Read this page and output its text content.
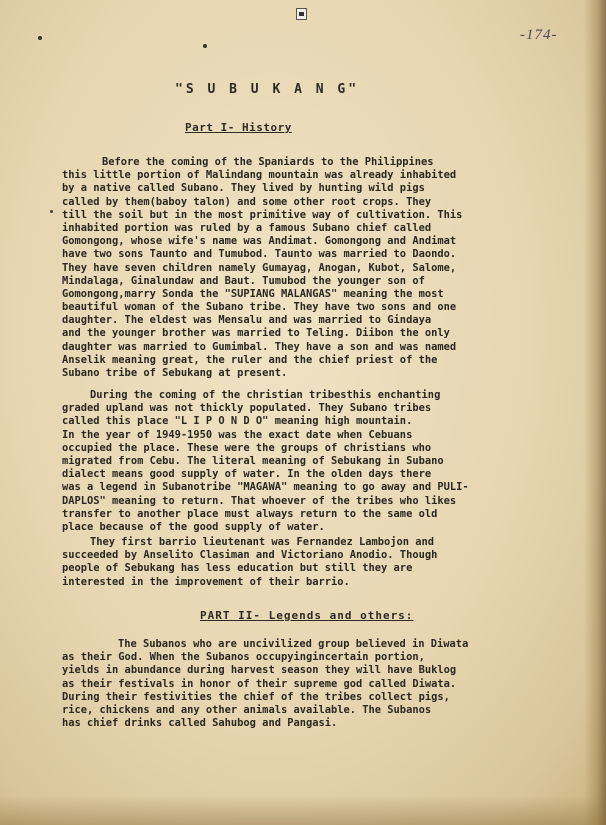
-174-
"S U B U K A N G"
Part I- History
Before the coming of the Spaniards to the Philippines
this little portion of Malindang mountain was already inhabited
by a native called Subano. They lived by hunting wild pigs
called by them(baboy talon) and some other root crops. They
till the soil but in the most primitive way of cultivation. This
inhabited portion was ruled by a famous Subano chief called
Gomongong, whose wife's name was Andimat. Gomongong and Andimat
have two sons Taunto and Tumubod. Taunto was married to Daondo.
They have seven children namely Gumayag, Anogan, Kubot, Salome,
Mindalaga, Ginalundaw and Baut. Tumubod the younger son of
Gomongong,marry Sonda the "SUPIANG MALANGAS" meaning the most
beautiful woman of the Subano tribe. They have two sons and one
daughter. The eldest was Mensalu and was married to Gindaya
and the younger brother was married to Teling. Diibon the only
daughter was married to Gumimbal. They have a son and was named
Anselik meaning great, the ruler and the chief priest of the
Subano tribe of Sebukang at present.
During the coming of the christian tribesthis enchanting
graded upland was not thickly populated. They Subano tribes
called this place "L I P O N D O" meaning high mountain.
In the year of 1949-1950 was the exact date when Cebuans
occupied the place. These were the groups of christians who
migrated from Cebu. The literal meaning of Sebukang in Subano
dialect means good supply of water. In the olden days there
was a legend in Subanotribe "MAGAWA" meaning to go away and PULI-
DAPLOS" meaning to return. That whoever of the tribes who likes
transfer to another place must always return to the same old
place because of the good supply of water.
They first barrio lieutenant was Fernandez Lambojon and
succeeded by Anselito Clasiman and Victoriano Anodio. Though
people of Sebukang has less education but still they are
interested in the improvement of their barrio.
PART II- Legends and others:
The Subanos who are uncivilized group believed in Diwata
as their God. When the Subanos occupyingincertain portion,
yields in abundance during harvest season they will have Buklog
as their festivals in honor of their supreme god called Diwata.
During their festivities the chief of the tribes collect pigs,
rice, chickens and any other animals available. The Subanos
has chief drinks called Sahubog and Pangasi.
